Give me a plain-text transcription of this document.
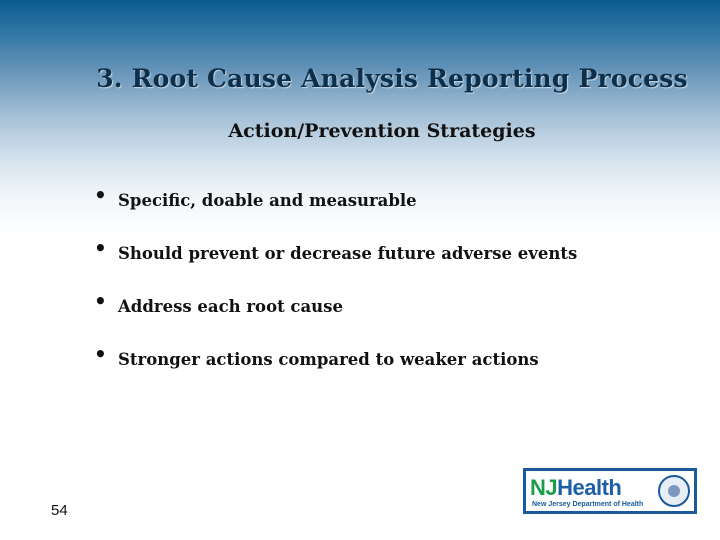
3. Root Cause Analysis Reporting Process
Action/Prevention Strategies
• Specific, doable and measurable
• Should prevent or decrease future adverse events
• Address each root cause
• Stronger actions compared to weaker actions
54
NJHealth
New Jersey Department of Health
